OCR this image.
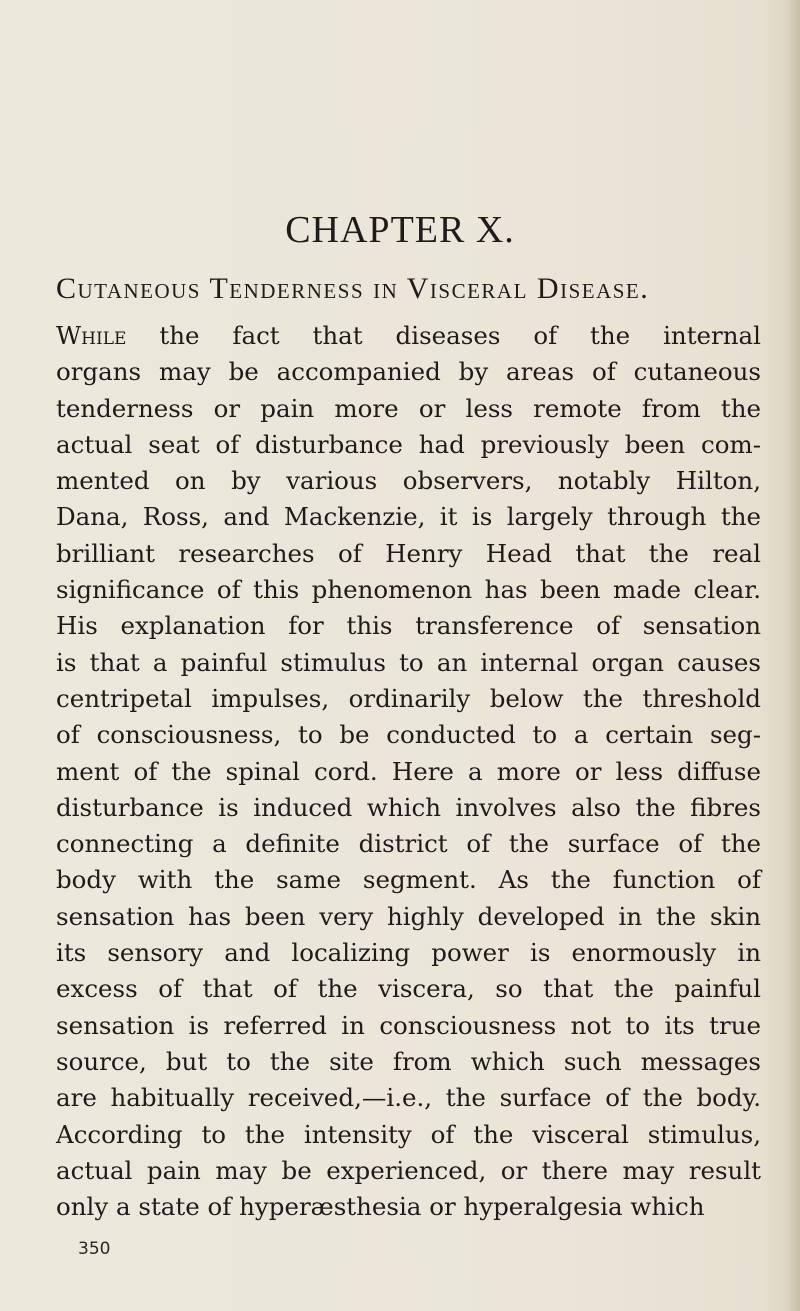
CHAPTER X.
Cutaneous Tenderness in Visceral Disease.
While the fact that diseases of the internal
organs may be accompanied by areas of cutaneous
tenderness or pain more or less remote from the
actual seat of disturbance had previously been com-
mented on by various observers, notably Hilton,
Dana, Ross, and Mackenzie, it is largely through the
brilliant researches of Henry Head that the real
significance of this phenomenon has been made clear.
His explanation for this transference of sensation
is that a painful stimulus to an internal organ causes
centripetal impulses, ordinarily below the threshold
of consciousness, to be conducted to a certain seg-
ment of the spinal cord. Here a more or less diffuse
disturbance is induced which involves also the fibres
connecting a definite district of the surface of the
body with the same segment. As the function of
sensation has been very highly developed in the skin
its sensory and localizing power is enormously in
excess of that of the viscera, so that the painful
sensation is referred in consciousness not to its true
source, but to the site from which such messages
are habitually received,—i.e., the surface of the body.
According to the intensity of the visceral stimulus,
actual pain may be experienced, or there may result
only a state of hyperæsthesia or hyperalgesia which
350
